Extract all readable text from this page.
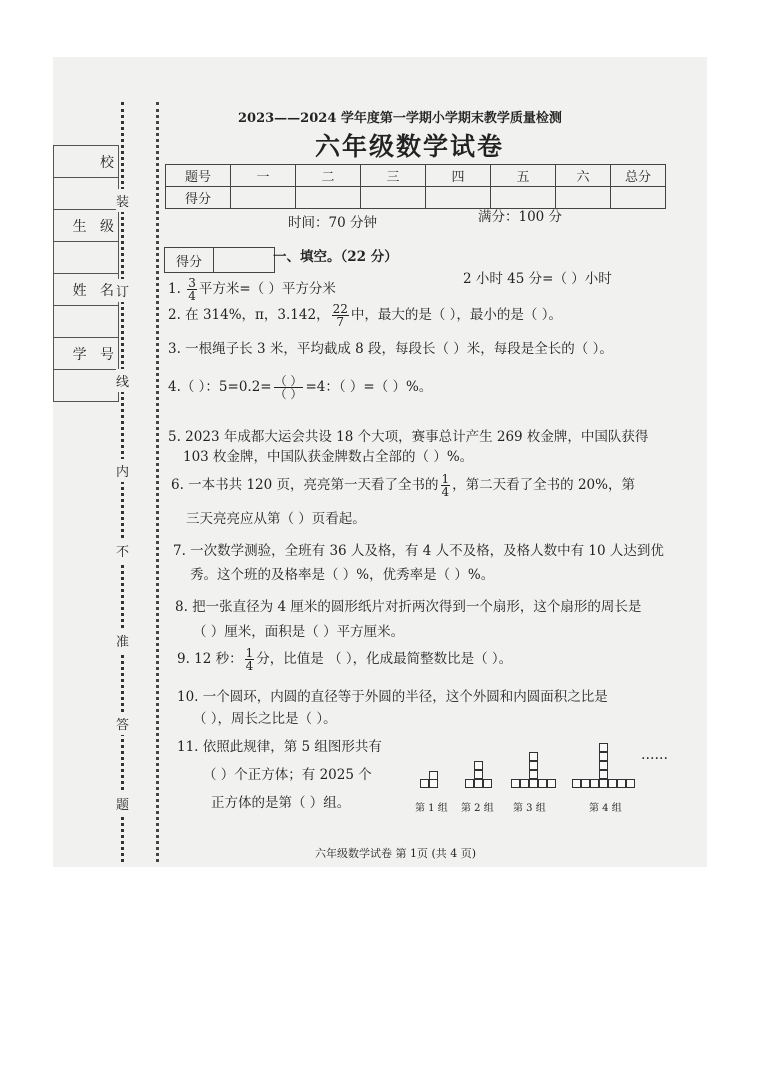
校

生 级

姓 名

学 号

装
订
线
内
不
准
答
题
2023——2024 学年度第一学期小学期末教学质量检测
六年级数学试卷
题号	一	二	三	四	五	六	总分
得分							
时间：70 分钟	满分：100 分
得分		一、填空。（22 分）
1. $\frac{3}{4}$ 平方米=（ ）平方分米
2 小时 45 分=（ ）小时
2. 在 314%，π，3.142， $\frac{22}{7}$ 中，最大的是（ ），最小的是（ ）。
3. 一根绳子长 3 米，平均截成 8 段，每段长（ ）米，每段是全长的（ ）。
4.（ ）：$5=0.2= \frac{( )}{( )} =4$：（ ）=（ ）%。
5. 2023 年成都大运会共设 18 个大项，赛事总计产生 269 枚金牌，中国队获得
103 枚金牌，中国队获金牌数占全部的（ ）%。
6. 一本书共 120 页，亮亮第一天看了全书的 $\frac{1}{4}$ ，第二天看了全书的 20%，第
三天亮亮应从第（ ）页看起。
7. 一次数学测验，全班有 36 人及格，有 4 人不及格，及格人数中有 10 人达到优
秀。这个班的及格率是（ ）%，优秀率是（ ）%。
8. 把一张直径为 4 厘米的圆形纸片对折两次得到一个扇形，这个扇形的周长是
（ ）厘米，面积是（ ）平方厘米。
9. 12 秒： $\frac{1}{4}$ 分，比值是 （ ），化成最简整数比是（ ）。
10. 一个圆环，内圆的直径等于外圆的半径，这个外圆和内圆面积之比是
（ ），周长之比是（ ）。
11. 依照此规律，第 5 组图形共有
（ ）个正方体；有 2025 个
正方体的是第（ ）组。	第 1 组 第 2 组 第 3 组	第 4 组
……
六年级数学试卷 第 1页 (共 4 页)
